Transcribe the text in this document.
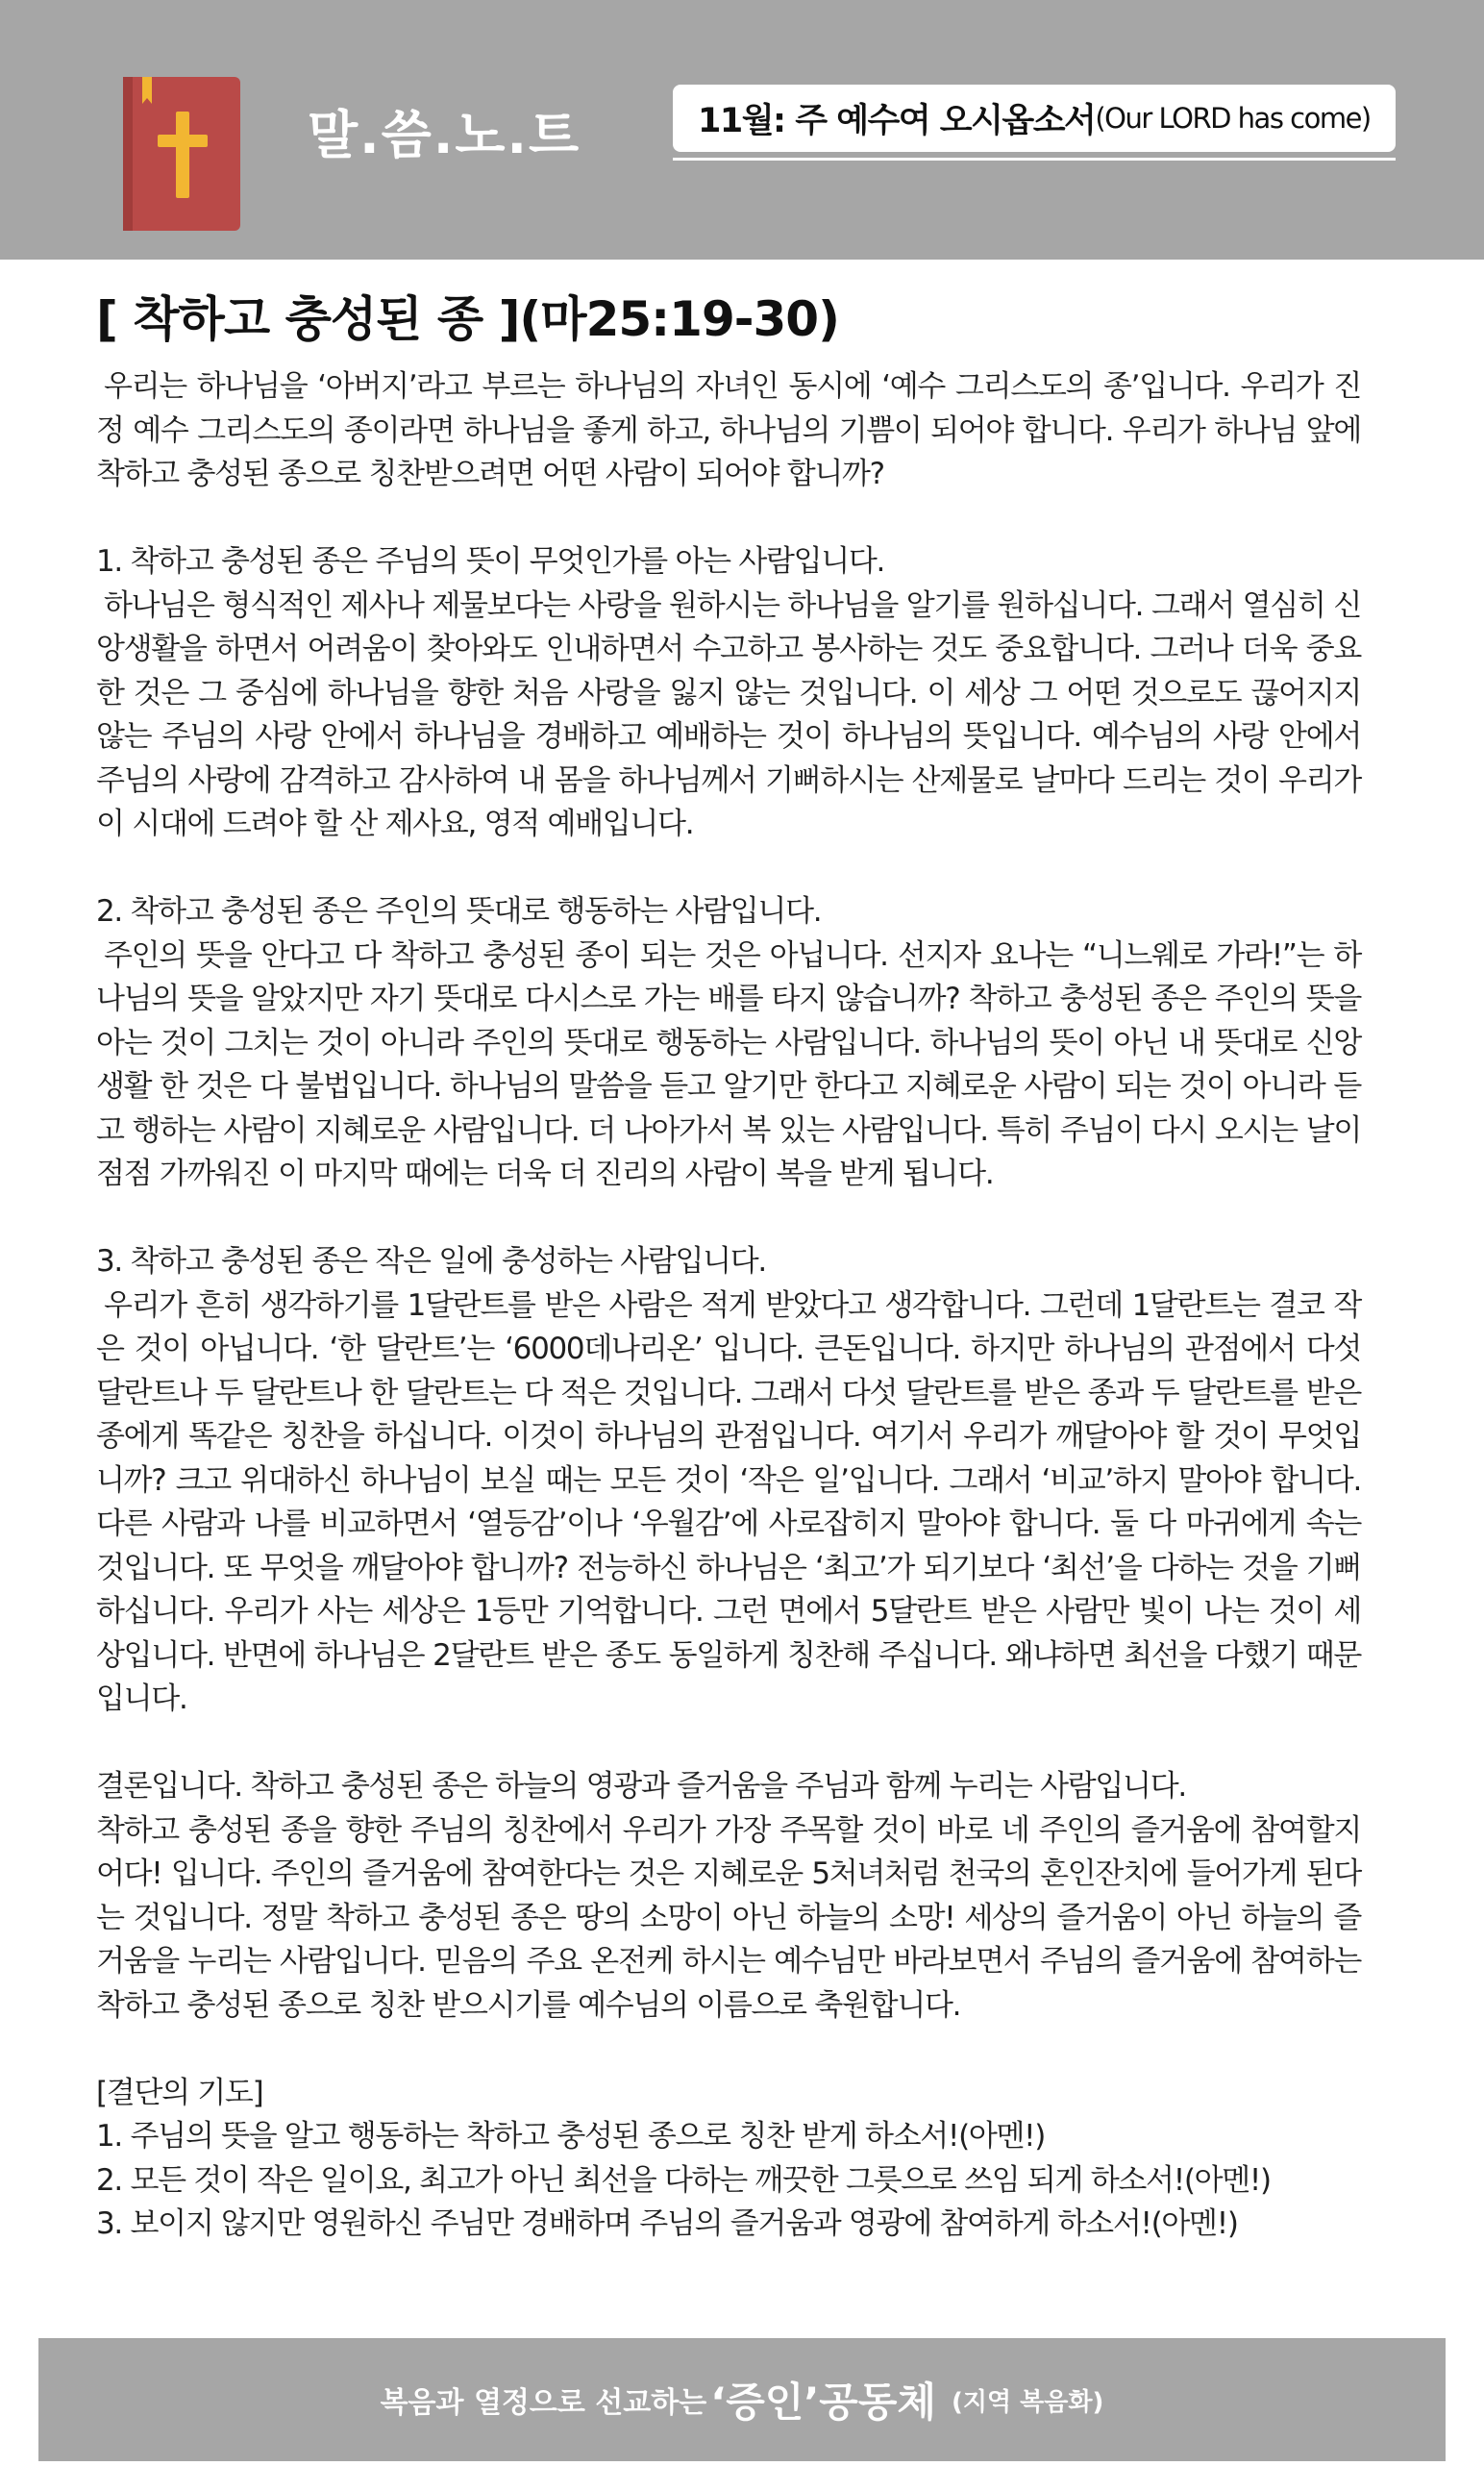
말.씀.노.트	11월: 주 예수여 오시옵소서 (Our LORD has come)
[ 착하고 충성된 종 ](마25:19-30)

우리는 하나님을 ‘아버지’라고 부르는 하나님의 자녀인 동시에 ‘예수 그리스도의 종’입니다. 우리가 진정 예수 그리스도의 종이라면 하나님을 좋게 하고, 하나님의 기쁨이 되어야 합니다. 우리가 하나님 앞에 착하고 충성된 종으로 칭찬받으려면 어떤 사람이 되어야 합니까?

1. 착하고 충성된 종은 주님의 뜻이 무엇인가를 아는 사람입니다.

하나님은 형식적인 제사나 제물보다는 사랑을 원하시는 하나님을 알기를 원하십니다. 그래서 열심히 신앙생활을 하면서 어려움이 찾아와도 인내하면서 수고하고 봉사하는 것도 중요합니다. 그러나 더욱 중요한 것은 그 중심에 하나님을 향한 처음 사랑을 잃지 않는 것입니다. 이 세상 그 어떤 것으로도 끊어지지 않는 주님의 사랑 안에서 하나님을 경배하고 예배하는 것이 하나님의 뜻입니다. 예수님의 사랑 안에서 주님의 사랑에 감격하고 감사하여 내 몸을 하나님께서 기뻐하시는 산제물로 날마다 드리는 것이 우리가 이 시대에 드려야 할 산 제사요, 영적 예배입니다.

2. 착하고 충성된 종은 주인의 뜻대로 행동하는 사람입니다.

주인의 뜻을 안다고 다 착하고 충성된 종이 되는 것은 아닙니다. 선지자 요나는 “니느웨로 가라!”는 하나님의 뜻을 알았지만 자기 뜻대로 다시스로 가는 배를 타지 않습니까? 착하고 충성된 종은 주인의 뜻을 아는 것이 그치는 것이 아니라 주인의 뜻대로 행동하는 사람입니다. 하나님의 뜻이 아닌 내 뜻대로 신앙생활 한 것은 다 불법입니다. 하나님의 말씀을 듣고 알기만 한다고 지혜로운 사람이 되는 것이 아니라 듣고 행하는 사람이 지혜로운 사람입니다. 더 나아가서 복 있는 사람입니다. 특히 주님이 다시 오시는 날이 점점 가까워진 이 마지막 때에는 더욱 더 진리의 사람이 복을 받게 됩니다.

3. 착하고 충성된 종은 작은 일에 충성하는 사람입니다.

우리가 흔히 생각하기를 1달란트를 받은 사람은 적게 받았다고 생각합니다. 그런데 1달란트는 결코 작은 것이 아닙니다. ‘한 달란트’는 ‘6000데나리온’ 입니다. 큰돈입니다. 하지만 하나님의 관점에서 다섯 달란트나 두 달란트나 한 달란트는 다 적은 것입니다. 그래서 다섯 달란트를 받은 종과 두 달란트를 받은 종에게 똑같은 칭찬을 하십니다. 이것이 하나님의 관점입니다. 여기서 우리가 깨달아야 할 것이 무엇입니까? 크고 위대하신 하나님이 보실 때는 모든 것이 ‘작은 일’입니다. 그래서 ‘비교’하지 말아야 합니다. 다른 사람과 나를 비교하면서 ‘열등감’이나 ‘우월감’에 사로잡히지 말아야 합니다. 둘 다 마귀에게 속는 것입니다. 또 무엇을 깨달아야 합니까? 전능하신 하나님은 ‘최고’가 되기보다 ‘최선’을 다하는 것을 기뻐하십니다. 우리가 사는 세상은 1등만 기억합니다. 그런 면에서 5달란트 받은 사람만 빛이 나는 것이 세상입니다. 반면에 하나님은 2달란트 받은 종도 동일하게 칭찬해 주십니다. 왜냐하면 최선을 다했기 때문입니다.

결론입니다. 착하고 충성된 종은 하늘의 영광과 즐거움을 주님과 함께 누리는 사람입니다.

착하고 충성된 종을 향한 주님의 칭찬에서 우리가 가장 주목할 것이 바로 네 주인의 즐거움에 참여할지어다! 입니다. 주인의 즐거움에 참여한다는 것은 지혜로운 5처녀처럼 천국의 혼인잔치에 들어가게 된다는 것입니다. 정말 착하고 충성된 종은 땅의 소망이 아닌 하늘의 소망! 세상의 즐거움이 아닌 하늘의 즐거움을 누리는 사람입니다. 믿음의 주요 온전케 하시는 예수님만 바라보면서 주님의 즐거움에 참여하는 착하고 충성된 종으로 칭찬 받으시기를 예수님의 이름으로 축원합니다.

[결단의 기도]

1. 주님의 뜻을 알고 행동하는 착하고 충성된 종으로 칭찬 받게 하소서!(아멘!)

2. 모든 것이 작은 일이요, 최고가 아닌 최선을 다하는 깨끗한 그릇으로 쓰임 되게 하소서!(아멘!)

3. 보이지 않지만 영원하신 주님만 경배하며 주님의 즐거움과 영광에 참여하게 하소서!(아멘!)

복음과 열정으로 선교하는 ‘증인’공동체 (지역 복음화)
